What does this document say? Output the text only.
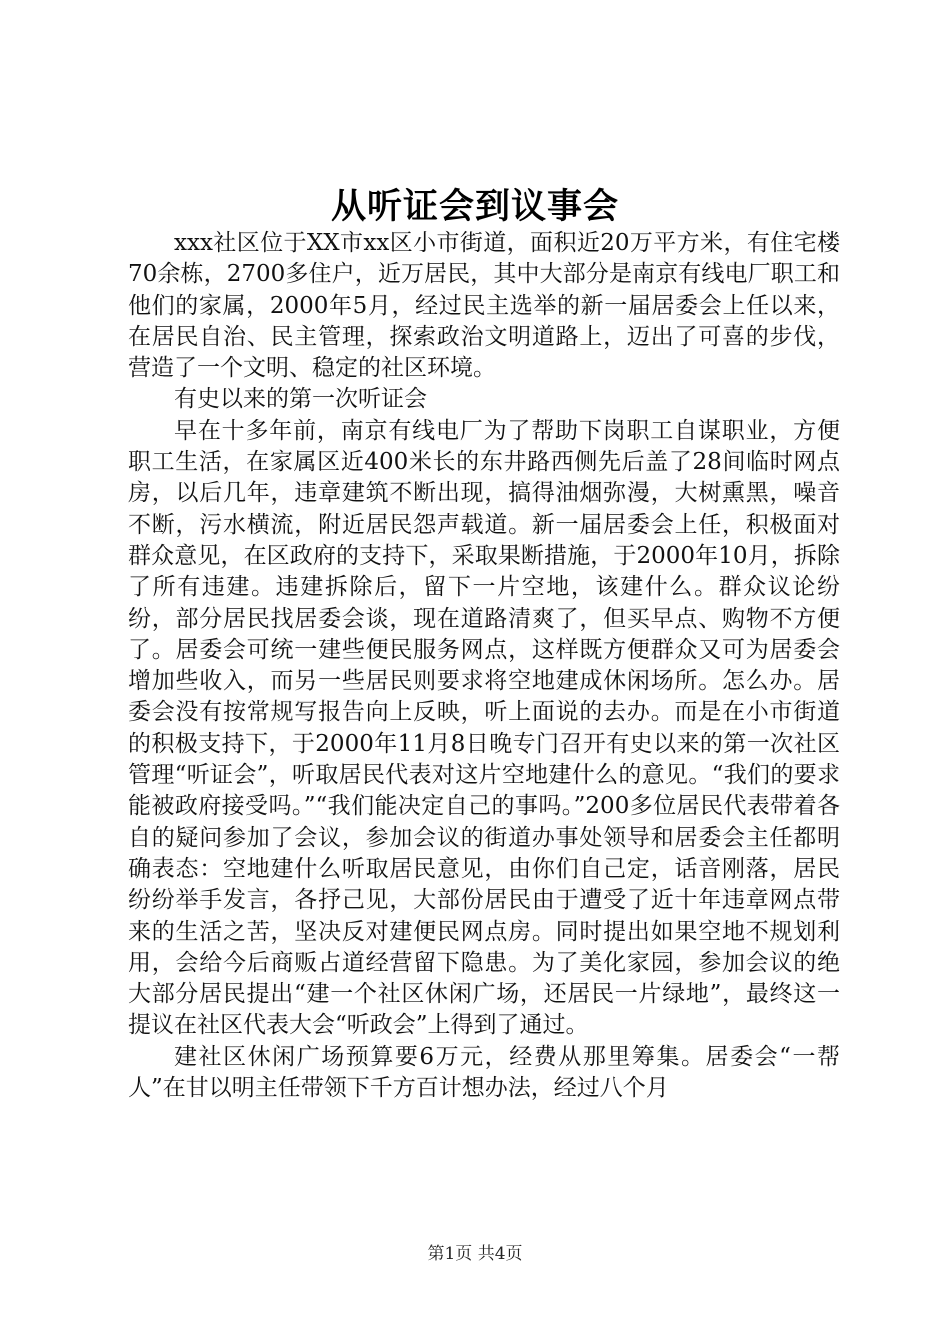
从听证会到议事会

xxx社区位于XX市xx区小市街道，面积近20万平方米，有住宅楼70余栋，2700多住户，近万居民，其中大部分是南京有线电厂职工和他们的家属，2000年5月，经过民主选举的新一届居委会上任以来，在居民自治、民主管理，探索政治文明道路上，迈出了可喜的步伐，营造了一个文明、稳定的社区环境。

有史以来的第一次听证会

早在十多年前，南京有线电厂为了帮助下岗职工自谋职业，方便职工生活，在家属区近400米长的东井路西侧先后盖了28间临时网点房，以后几年，违章建筑不断出现，搞得油烟弥漫，大树熏黑，噪音不断，污水横流，附近居民怨声载道。新一届居委会上任，积极面对群众意见，在区政府的支持下，采取果断措施，于2000年10月，拆除了所有违建。违建拆除后，留下一片空地，该建什么。群众议论纷纷，部分居民找居委会谈，现在道路清爽了，但买早点、购物不方便了。居委会可统一建些便民服务网点，这样既方便群众又可为居委会增加些收入，而另一些居民则要求将空地建成休闲场所。怎么办。居委会没有按常规写报告向上反映，听上面说的去办。而是在小市街道的积极支持下，于2000年11月8日晚专门召开有史以来的第一次社区管理“听证会”，听取居民代表对这片空地建什么的意见。“我们的要求能被政府接受吗。”“我们能决定自己的事吗。”200多位居民代表带着各自的疑问参加了会议，参加会议的街道办事处领导和居委会主任都明确表态：空地建什么听取居民意见，由你们自己定，话音刚落，居民纷纷举手发言，各抒己见，大部份居民由于遭受了近十年违章网点带来的生活之苦，坚决反对建便民网点房。同时提出如果空地不规划利用，会给今后商贩占道经营留下隐患。为了美化家园，参加会议的绝大部分居民提出“建一个社区休闲广场，还居民一片绿地”，最终这一提议在社区代表大会“听政会”上得到了通过。

建社区休闲广场预算要6万元，经费从那里筹集。居委会“一帮人”在甘以明主任带领下千方百计想办法，经过八个月

第1页 共4页
